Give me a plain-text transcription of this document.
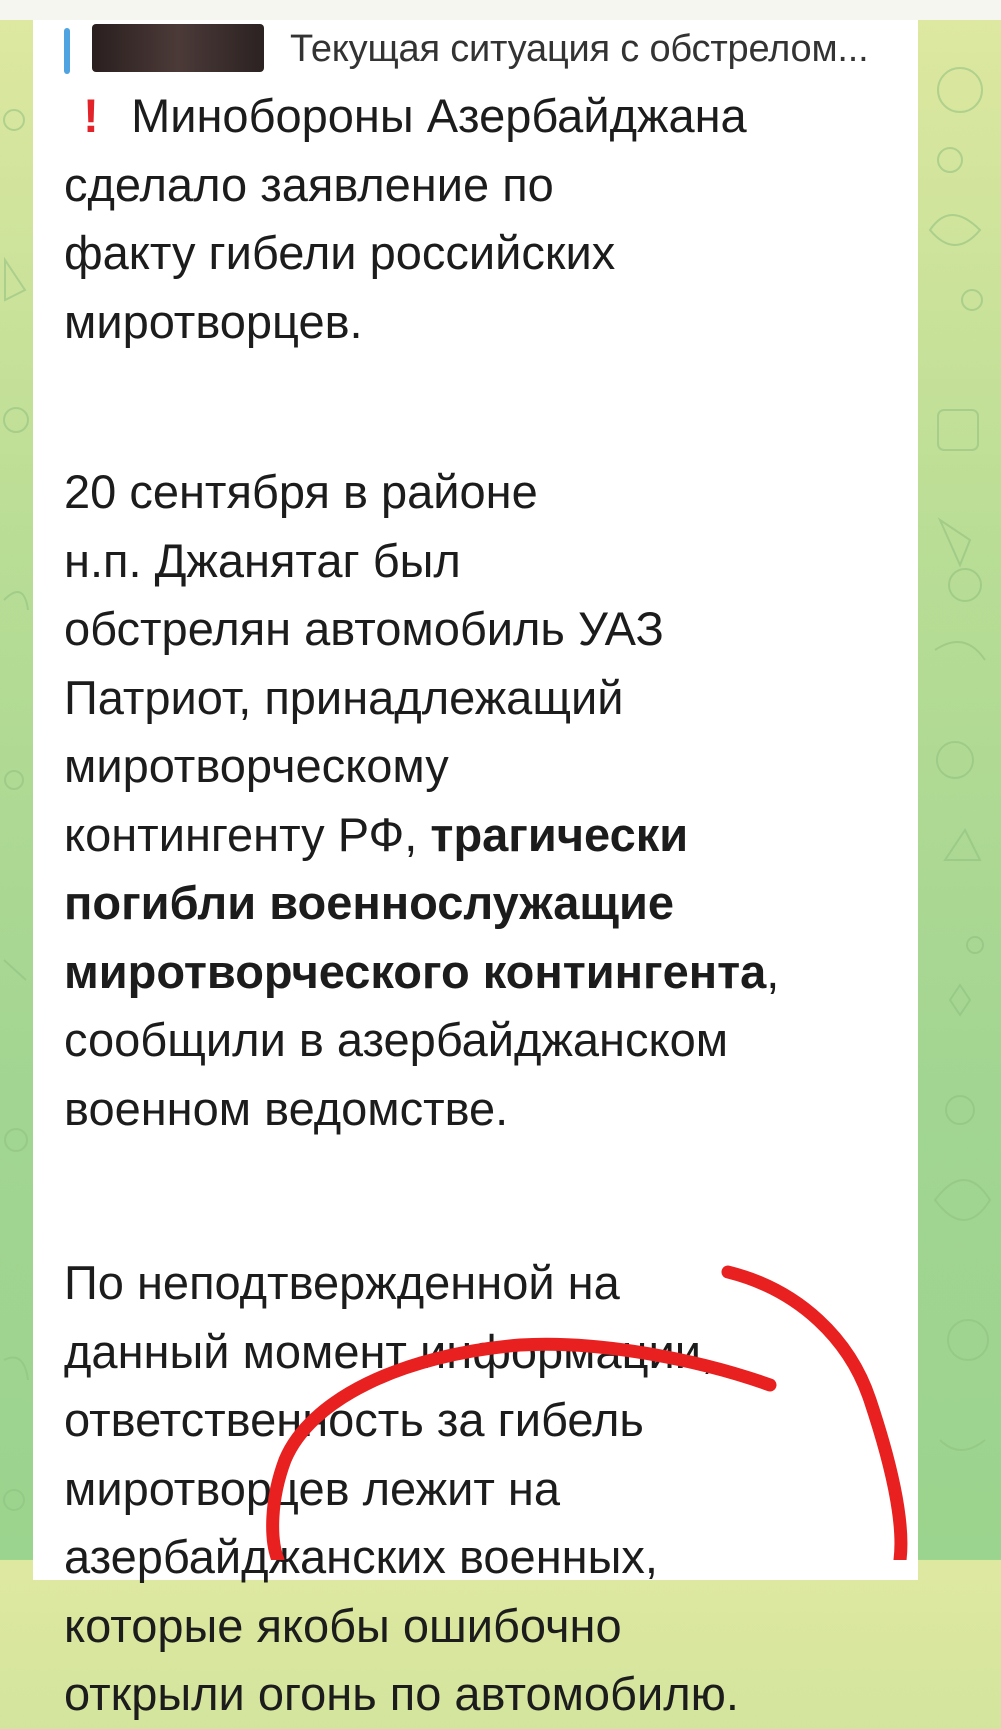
Текущая ситуация с обстрелом...
! Минобороны Азербайджана
сделало заявление по
факту гибели российских
миротворцев.
20 сентября в районе
н.п. Джанятаг был
обстрелян автомобиль УАЗ
Патриот, принадлежащий
миротворческому
контингенту РФ, трагически
погибли военнослужащие
миротворческого контингента,
сообщили в азербайджанском
военном ведомстве.
По неподтвержденной на
данный момент информации,
ответственность за гибель
миротворцев лежит на
азербайджанских военных,
которые якобы ошибочно
открыли огонь по автомобилю.
